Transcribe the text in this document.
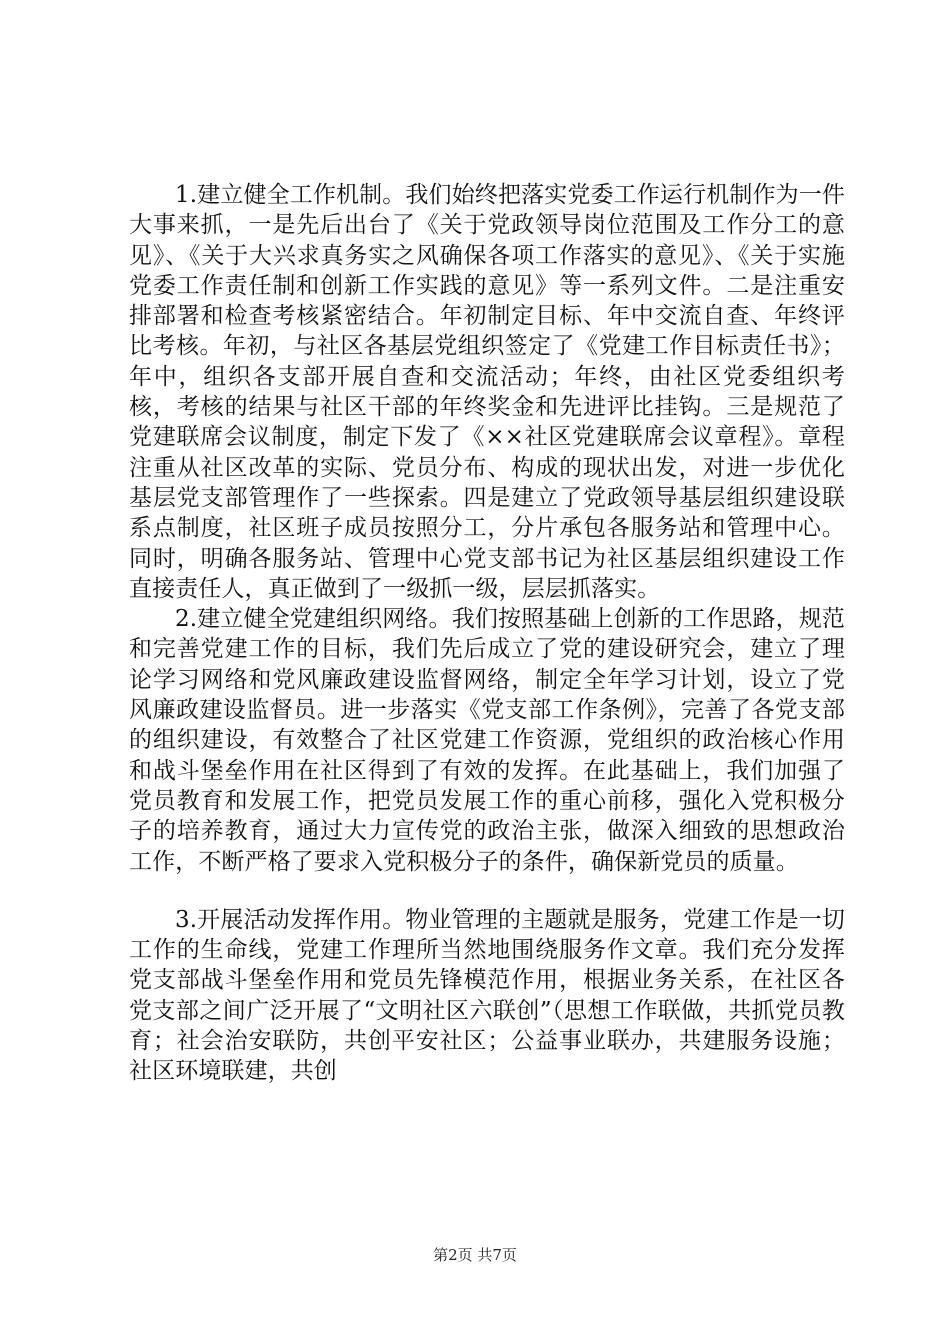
1.建立健全工作机制。我们始终把落实党委工作运行机制作为一件大事来抓，一是先后出台了《关于党政领导岗位范围及工作分工的意见》、《关于大兴求真务实之风确保各项工作落实的意见》、《关于实施党委工作责任制和创新工作实践的意见》等一系列文件。二是注重安排部署和检查考核紧密结合。年初制定目标、年中交流自查、年终评比考核。年初，与社区各基层党组织签定了《党建工作目标责任书》；年中，组织各支部开展自查和交流活动；年终，由社区党委组织考核，考核的结果与社区干部的年终奖金和先进评比挂钩。三是规范了党建联席会议制度，制定下发了《××社区党建联席会议章程》。章程注重从社区改革的实际、党员分布、构成的现状出发，对进一步优化基层党支部管理作了一些探索。四是建立了党政领导基层组织建设联系点制度，社区班子成员按照分工，分片承包各服务站和管理中心。同时，明确各服务站、管理中心党支部书记为社区基层组织建设工作直接责任人，真正做到了一级抓一级，层层抓落实。

2.建立健全党建组织网络。我们按照基础上创新的工作思路，规范和完善党建工作的目标，我们先后成立了党的建设研究会，建立了理论学习网络和党风廉政建设监督网络，制定全年学习计划，设立了党风廉政建设监督员。进一步落实《党支部工作条例》，完善了各党支部的组织建设，有效整合了社区党建工作资源，党组织的政治核心作用和战斗堡垒作用在社区得到了有效的发挥。在此基础上，我们加强了党员教育和发展工作，把党员发展工作的重心前移，强化入党积极分子的培养教育，通过大力宣传党的政治主张，做深入细致的思想政治工作，不断严格了要求入党积极分子的条件，确保新党员的质量。

3.开展活动发挥作用。物业管理的主题就是服务，党建工作是一切工作的生命线，党建工作理所当然地围绕服务作文章。我们充分发挥党支部战斗堡垒作用和党员先锋模范作用，根据业务关系，在社区各党支部之间广泛开展了“文明社区六联创”（思想工作联做，共抓党员教育；社会治安联防，共创平安社区；公益事业联办，共建服务设施；社区环境联建，共创

第2页 共7页
